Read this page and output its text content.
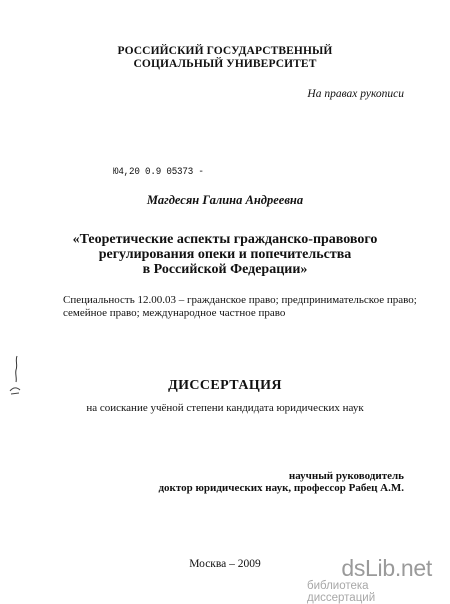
РОССИЙСКИЙ ГОСУДАРСТВЕННЫЙ
СОЦИАЛЬНЫЙ УНИВЕРСИТЕТ
На правах рукописи
Ю4,20 0.9 05373 -
Магдесян Галина Андреевна
«Теоретические аспекты гражданско-правового
регулирования опеки и попечительства
в Российской Федерации»
Специальность 12.00.03 – гражданское право; предпринимательское право;
семейное право; международное частное право
ДИССЕРТАЦИЯ
на соискание учёной степени кандидата юридических наук
научный руководитель
доктор юридических наук, профессор Рабец А.М.
Москва – 2009	dsLib.net
библиотека диссертаций
